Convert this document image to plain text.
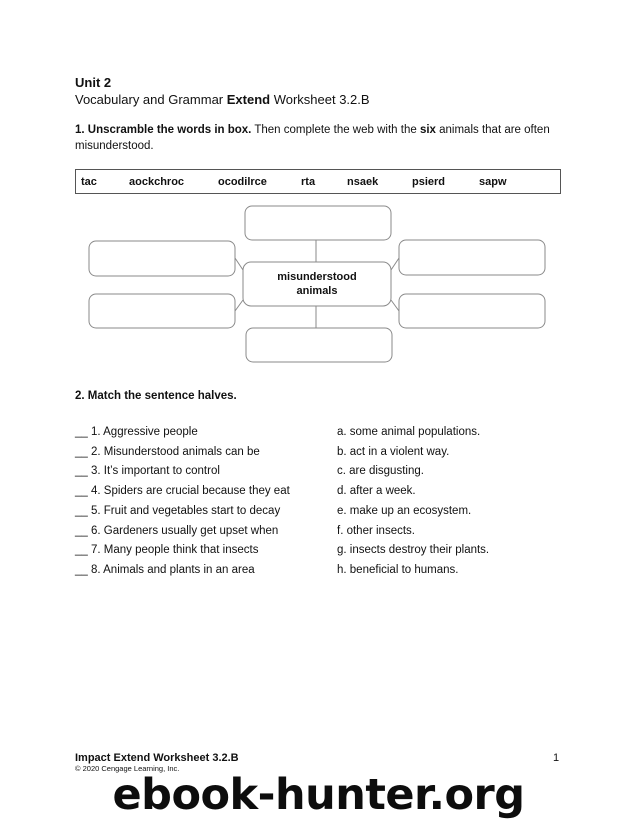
Unit 2
Vocabulary and Grammar Extend Worksheet 3.2.B
1. Unscramble the words in box. Then complete the web with the six animals that are often misunderstood.
tac	aockchroc	ocodilrce	rta	nsaek	psierd	sapw
misunderstood
animals
2. Match the sentence halves.
__ 1. Aggressive people
__ 2. Misunderstood animals can be
__ 3. It’s important to control
__ 4. Spiders are crucial because they eat
__ 5. Fruit and vegetables start to decay
__ 6. Gardeners usually get upset when
__ 7. Many people think that insects
__ 8. Animals and plants in an area
a. some animal populations.
b. act in a violent way.
c. are disgusting.
d. after a week.
e. make up an ecosystem.
f. other insects.
g. insects destroy their plants.
h. beneficial to humans.
Impact Extend Worksheet 3.2.B
© 2020 Cengage Learning, Inc.
1
ebook-hunter.org
